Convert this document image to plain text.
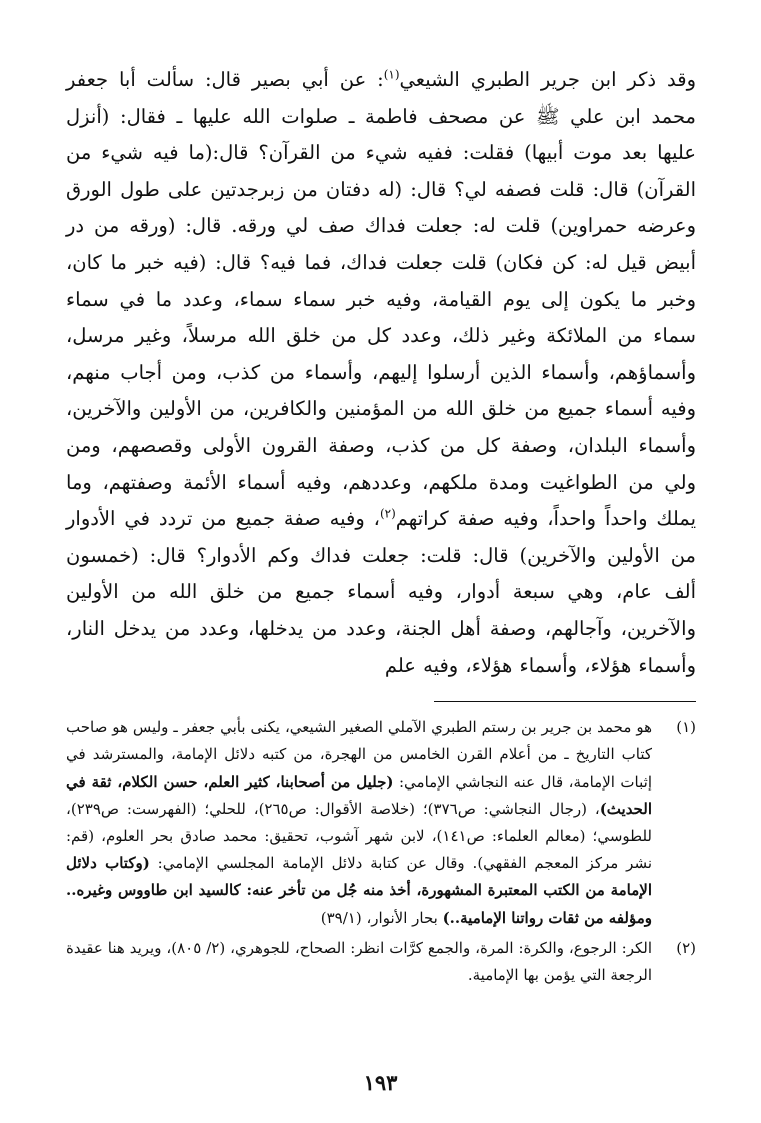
وقد ذكر ابن جرير الطبري الشيعي$^{(١)}$: عن أبي بصير قال: سألت أبا جعفر محمد ابن علي ﷺ عن مصحف فاطمة ـ صلوات الله عليها ـ فقال: (أنزل عليها بعد موت أبيها) فقلت: ففيه شيء من القرآن؟ قال:(ما فيه شيء من القرآن) قال: قلت فصفه لي؟ قال: (له دفتان من زبرجدتين على طول الورق وعرضه حمراوين) قلت له: جعلت فداك صف لي ورقه. قال: (ورقه من در أبيض قيل له: كن فكان) قلت جعلت فداك، فما فيه؟ قال: (فيه خبر ما كان، وخبر ما يكون إلى يوم القيامة، وفيه خبر سماء سماء، وعدد ما في سماء سماء من الملائكة وغير ذلك، وعدد كل من خلق الله مرسلاً، وغير مرسل، وأسماؤهم، وأسماء الذين أرسلوا إليهم، وأسماء من كذب، ومن أجاب منهم، وفيه أسماء جميع من خلق الله من المؤمنين والكافرين، من الأولين والآخرين، وأسماء البلدان، وصفة كل من كذب، وصفة القرون الأولى وقصصهم، ومن ولي من الطواغيت ومدة ملكهم، وعددهم، وفيه أسماء الأئمة وصفتهم، وما يملك واحداً واحداً، وفيه صفة كراتهم$^{(٢)}$، وفيه صفة جميع من تردد في الأدوار من الأولين والآخرين) قال: قلت: جعلت فداك وكم الأدوار؟ قال: (خمسون ألف عام، وهي سبعة أدوار، وفيه أسماء جميع من خلق الله من الأولين والآخرين، وآجالهم، وصفة أهل الجنة، وعدد من يدخلها، وعدد من يدخل النار، وأسماء هؤلاء، وأسماء هؤلاء، وفيه علم

(١)
هو محمد بن جرير بن رستم الطبري الآملي الصغير الشيعي، يكنى بأبي جعفر ـ وليس هو صاحب كتاب التاريخ ـ من أعلام القرن الخامس من الهجرة، من كتبه دلائل الإمامة، والمسترشد في إثبات الإمامة، قال عنه النجاشي الإمامي: (جليل من أصحابنا، كثير العلم، حسن الكلام، ثقة في الحديث)، (رجال النجاشي: ص٣٧٦)؛ (خلاصة الأقوال: ص٢٦٥)، للحلي؛ (الفهرست: ص٢٣٩)، للطوسي؛ (معالم العلماء: ص١٤١)، لابن شهر آشوب، تحقيق: محمد صادق بحر العلوم، (قم: نشر مركز المعجم الفقهي). وقال عن كتابة دلائل الإمامة المجلسي الإمامي: (وكتاب دلائل الإمامة من الكتب المعتبرة المشهورة، أخذ منه جُل من تأخر عنه: كالسيد ابن طاووس وغيره.. ومؤلفه من ثقات رواتنا الإمامية..) بحار الأنوار، (٣٩/١)
(٢)
الكر: الرجوع، والكرة: المرة، والجمع كرَّات انظر: الصحاح، للجوهري، (٢/ ٨٠٥)، ويريد هنا عقيدة الرجعة التي يؤمن بها الإمامية.
١٩٣
